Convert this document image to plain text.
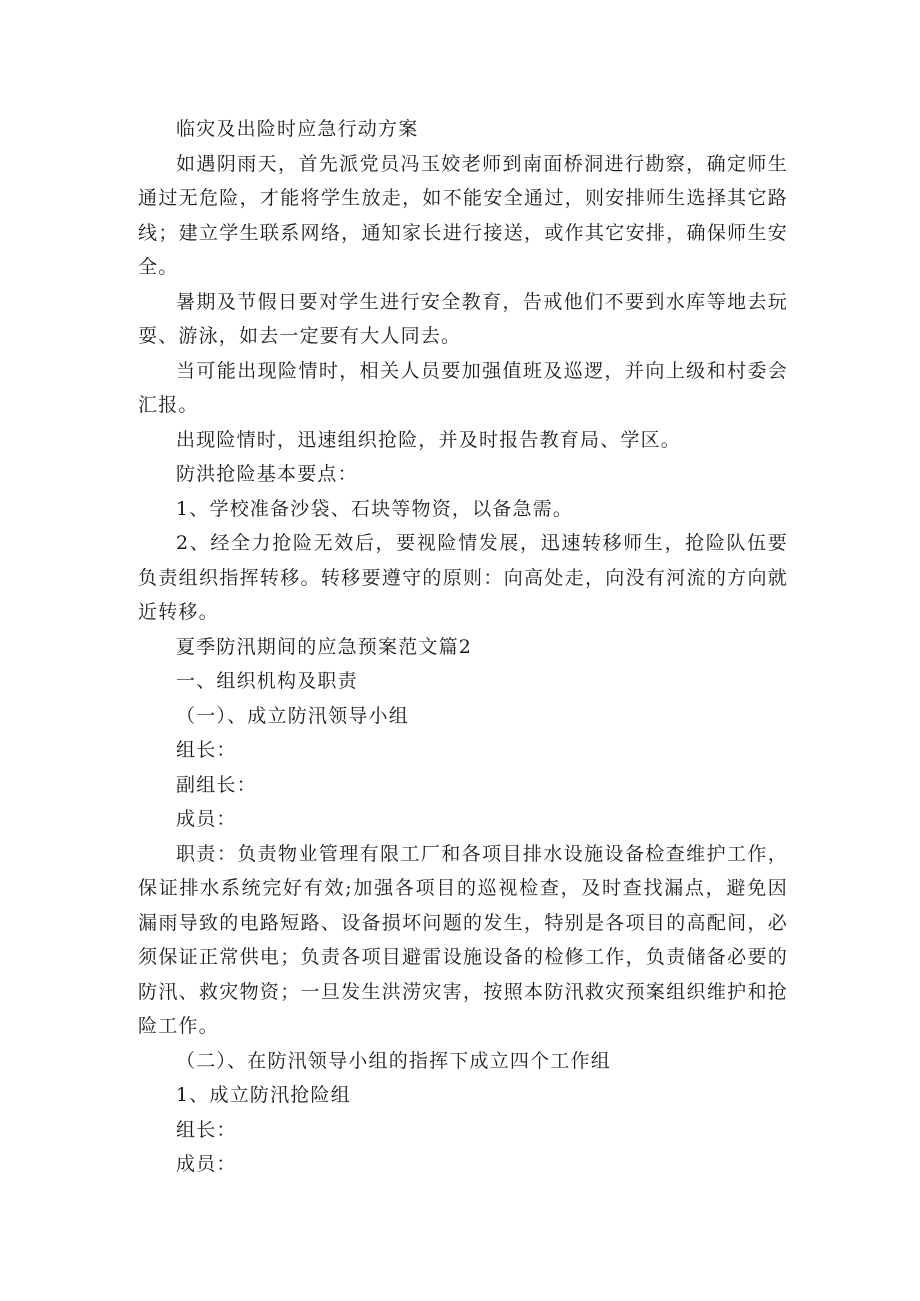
临灾及出险时应急行动方案

如遇阴雨天，首先派党员冯玉姣老师到南面桥洞进行勘察，确定师生通过无危险，才能将学生放走，如不能安全通过，则安排师生选择其它路线；建立学生联系网络，通知家长进行接送，或作其它安排，确保师生安全。

暑期及节假日要对学生进行安全教育，告戒他们不要到水库等地去玩耍、游泳，如去一定要有大人同去。

当可能出现险情时，相关人员要加强值班及巡逻，并向上级和村委会汇报。

出现险情时，迅速组织抢险，并及时报告教育局、学区。

防洪抢险基本要点：

1、学校准备沙袋、石块等物资，以备急需。

2、经全力抢险无效后，要视险情发展，迅速转移师生，抢险队伍要负责组织指挥转移。转移要遵守的原则：向高处走，向没有河流的方向就近转移。

夏季防汛期间的应急预案范文篇2

一、组织机构及职责

（一）、成立防汛领导小组

组长：

副组长：

成员：

职责：负责物业管理有限工厂和各项目排水设施设备检查维护工作，保证排水系统完好有效;加强各项目的巡视检查，及时查找漏点，避免因漏雨导致的电路短路、设备损坏问题的发生，特别是各项目的高配间，必须保证正常供电；负责各项目避雷设施设备的检修工作，负责储备必要的防汛、救灾物资；一旦发生洪涝灾害，按照本防汛救灾预案组织维护和抢险工作。

（二）、在防汛领导小组的指挥下成立四个工作组

1、成立防汛抢险组

组长：

成员：
